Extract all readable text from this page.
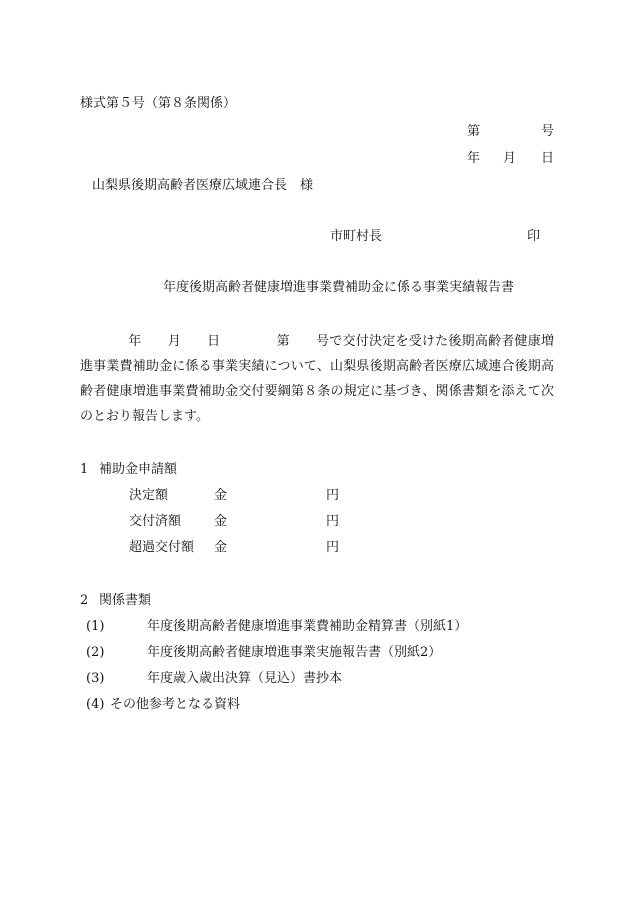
様式第５号（第８条関係）
第	号
年 月 日
山梨県後期高齢者医療広域連合長　様
市町村長	印
年度後期高齢者健康増進事業費補助金に係る事業実績報告書
年 月 日	第 号で交付決定を受けた後期高齢者健康増進事業費補助金に係る事業実績について、山梨県後期高齢者医療広域連合後期高齢者健康増進事業費補助金交付要綱第８条の規定に基づき、関係書類を添えて次のとおり報告します。
1 補助金申請額
決定額	金	円
交付済額	金	円
超過交付額 金	円
2 関係書類
(1)	年度後期高齢者健康増進事業費補助金精算書（別紙1）
(2)	年度後期高齢者健康増進事業実施報告書（別紙2）
(3)	年度歳入歳出決算（見込）書抄本
(4) その他参考となる資料
